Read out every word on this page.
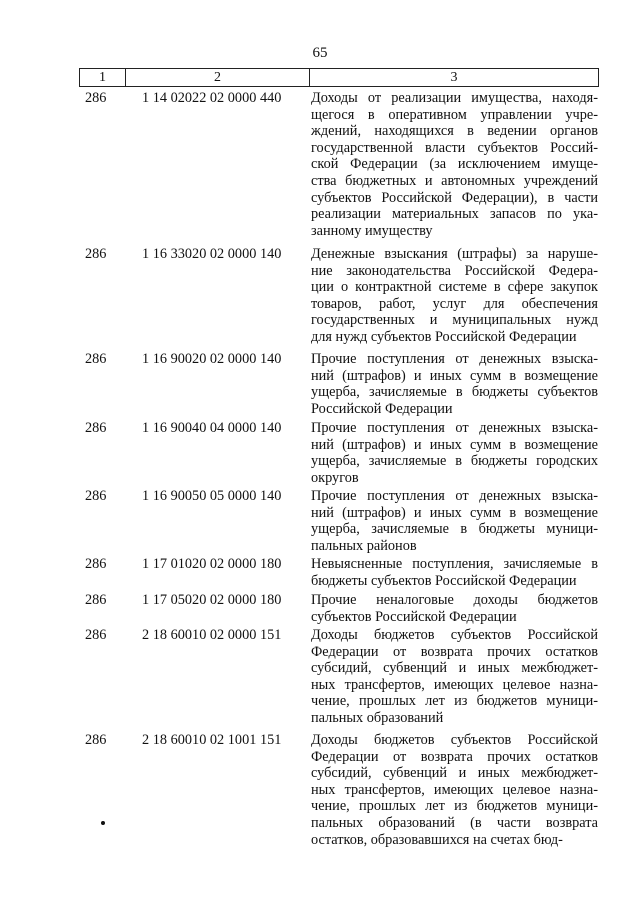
65
1	2	3
286	1 14 02022 02 0000 440	Доходы от реализации имущества, находя-
щегося в оперативном управлении учре-
ждений, находящихся в ведении органов
государственной власти субъектов Россий-
ской Федерации (за исключением имуще-
ства бюджетных и автономных учреждений
субъектов Российской Федерации), в части
реализации материальных запасов по ука-
занному имуществу
286	1 16 33020 02 0000 140	Денежные взыскания (штрафы) за наруше-
ние законодательства Российской Федера-
ции о контрактной системе в сфере закупок
товаров, работ, услуг для обеспечения
государственных и муниципальных нужд
для нужд субъектов Российской Федерации
286	1 16 90020 02 0000 140	Прочие поступления от денежных взыска-
ний (штрафов) и иных сумм в возмещение
ущерба, зачисляемые в бюджеты субъектов
Российской Федерации
286	1 16 90040 04 0000 140	Прочие поступления от денежных взыска-
ний (штрафов) и иных сумм в возмещение
ущерба, зачисляемые в бюджеты городских
округов
286	1 16 90050 05 0000 140	Прочие поступления от денежных взыска-
ний (штрафов) и иных сумм в возмещение
ущерба, зачисляемые в бюджеты муници-
пальных районов
286	1 17 01020 02 0000 180	Невыясненные поступления, зачисляемые в
бюджеты субъектов Российской Федерации
286	1 17 05020 02 0000 180	Прочие неналоговые доходы бюджетов
субъектов Российской Федерации
286	2 18 60010 02 0000 151	Доходы бюджетов субъектов Российской
Федерации от возврата прочих остатков
субсидий, субвенций и иных межбюджет-
ных трансфертов, имеющих целевое назна-
чение, прошлых лет из бюджетов муници-
пальных образований
286	2 18 60010 02 1001 151	Доходы бюджетов субъектов Российской
Федерации от возврата прочих остатков
субсидий, субвенций и иных межбюджет-
ных трансфертов, имеющих целевое назна-
чение, прошлых лет из бюджетов муници-
пальных образований (в части возврата
остатков, образовавшихся на счетах бюд-
